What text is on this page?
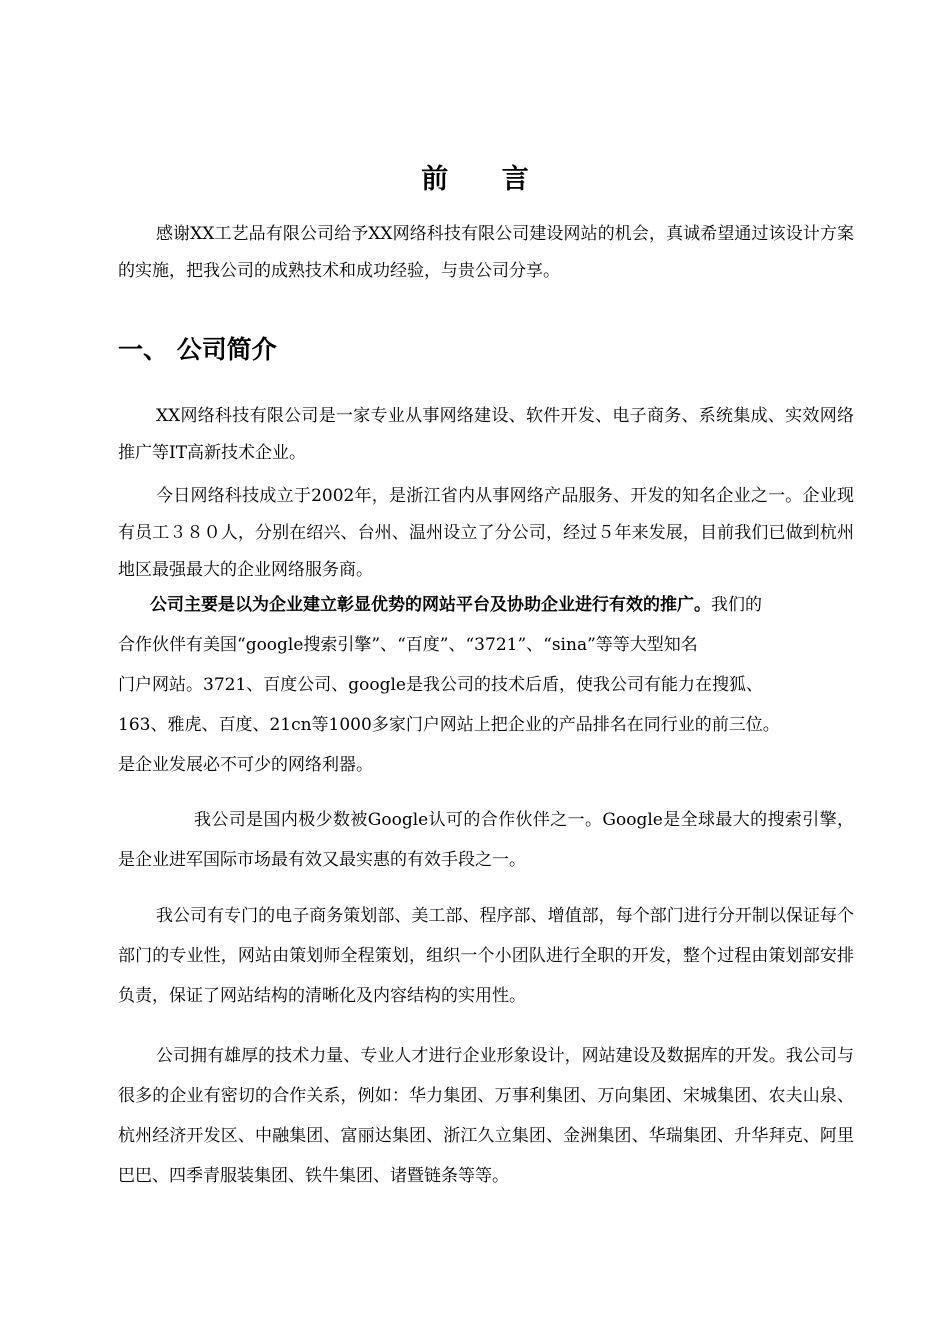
前 言

感谢XX工艺品有限公司给予XX网络科技有限公司建设网站的机会，真诚希望通过该设计方案的实施，把我公司的成熟技术和成功经验，与贵公司分享。

一、 公司简介

XX网络科技有限公司是一家专业从事网络建设、软件开发、电子商务、系统集成、实效网络推广等IT高新技术企业。

今日网络科技成立于2002年，是浙江省内从事网络产品服务、开发的知名企业之一。企业现有员工３８０人，分别在绍兴、台州、温州设立了分公司，经过５年来发展，目前我们已做到杭州地区最强最大的企业网络服务商。

公司主要是以为企业建立彰显优势的网站平台及协助企业进行有效的推广。我们的
合作伙伴有美国“google搜索引擎”、“百度”、“3721”、“sina”等等大型知名
门户网站。3721、百度公司、google是我公司的技术后盾，使我公司有能力在搜狐、
163、雅虎、百度、21cn等1000多家门户网站上把企业的产品排名在同行业的前三位。
是企业发展必不可少的网络利器。

我公司是国内极少数被Google认可的合作伙伴之一。Google是全球最大的搜索引擎，是企业进军国际市场最有效又最实惠的有效手段之一。

我公司有专门的电子商务策划部、美工部、程序部、增值部，每个部门进行分开制以保证每个部门的专业性，网站由策划师全程策划，组织一个小团队进行全职的开发，整个过程由策划部安排负责，保证了网站结构的清晰化及内容结构的实用性。

公司拥有雄厚的技术力量、专业人才进行企业形象设计，网站建设及数据库的开发。我公司与很多的企业有密切的合作关系，例如：华力集团、万事利集团、万向集团、宋城集团、农夫山泉、杭州经济开发区、中融集团、富丽达集团、浙江久立集团、金洲集团、华瑞集团、升华拜克、阿里巴巴、四季青服装集团、铁牛集团、诸暨链条等等。
